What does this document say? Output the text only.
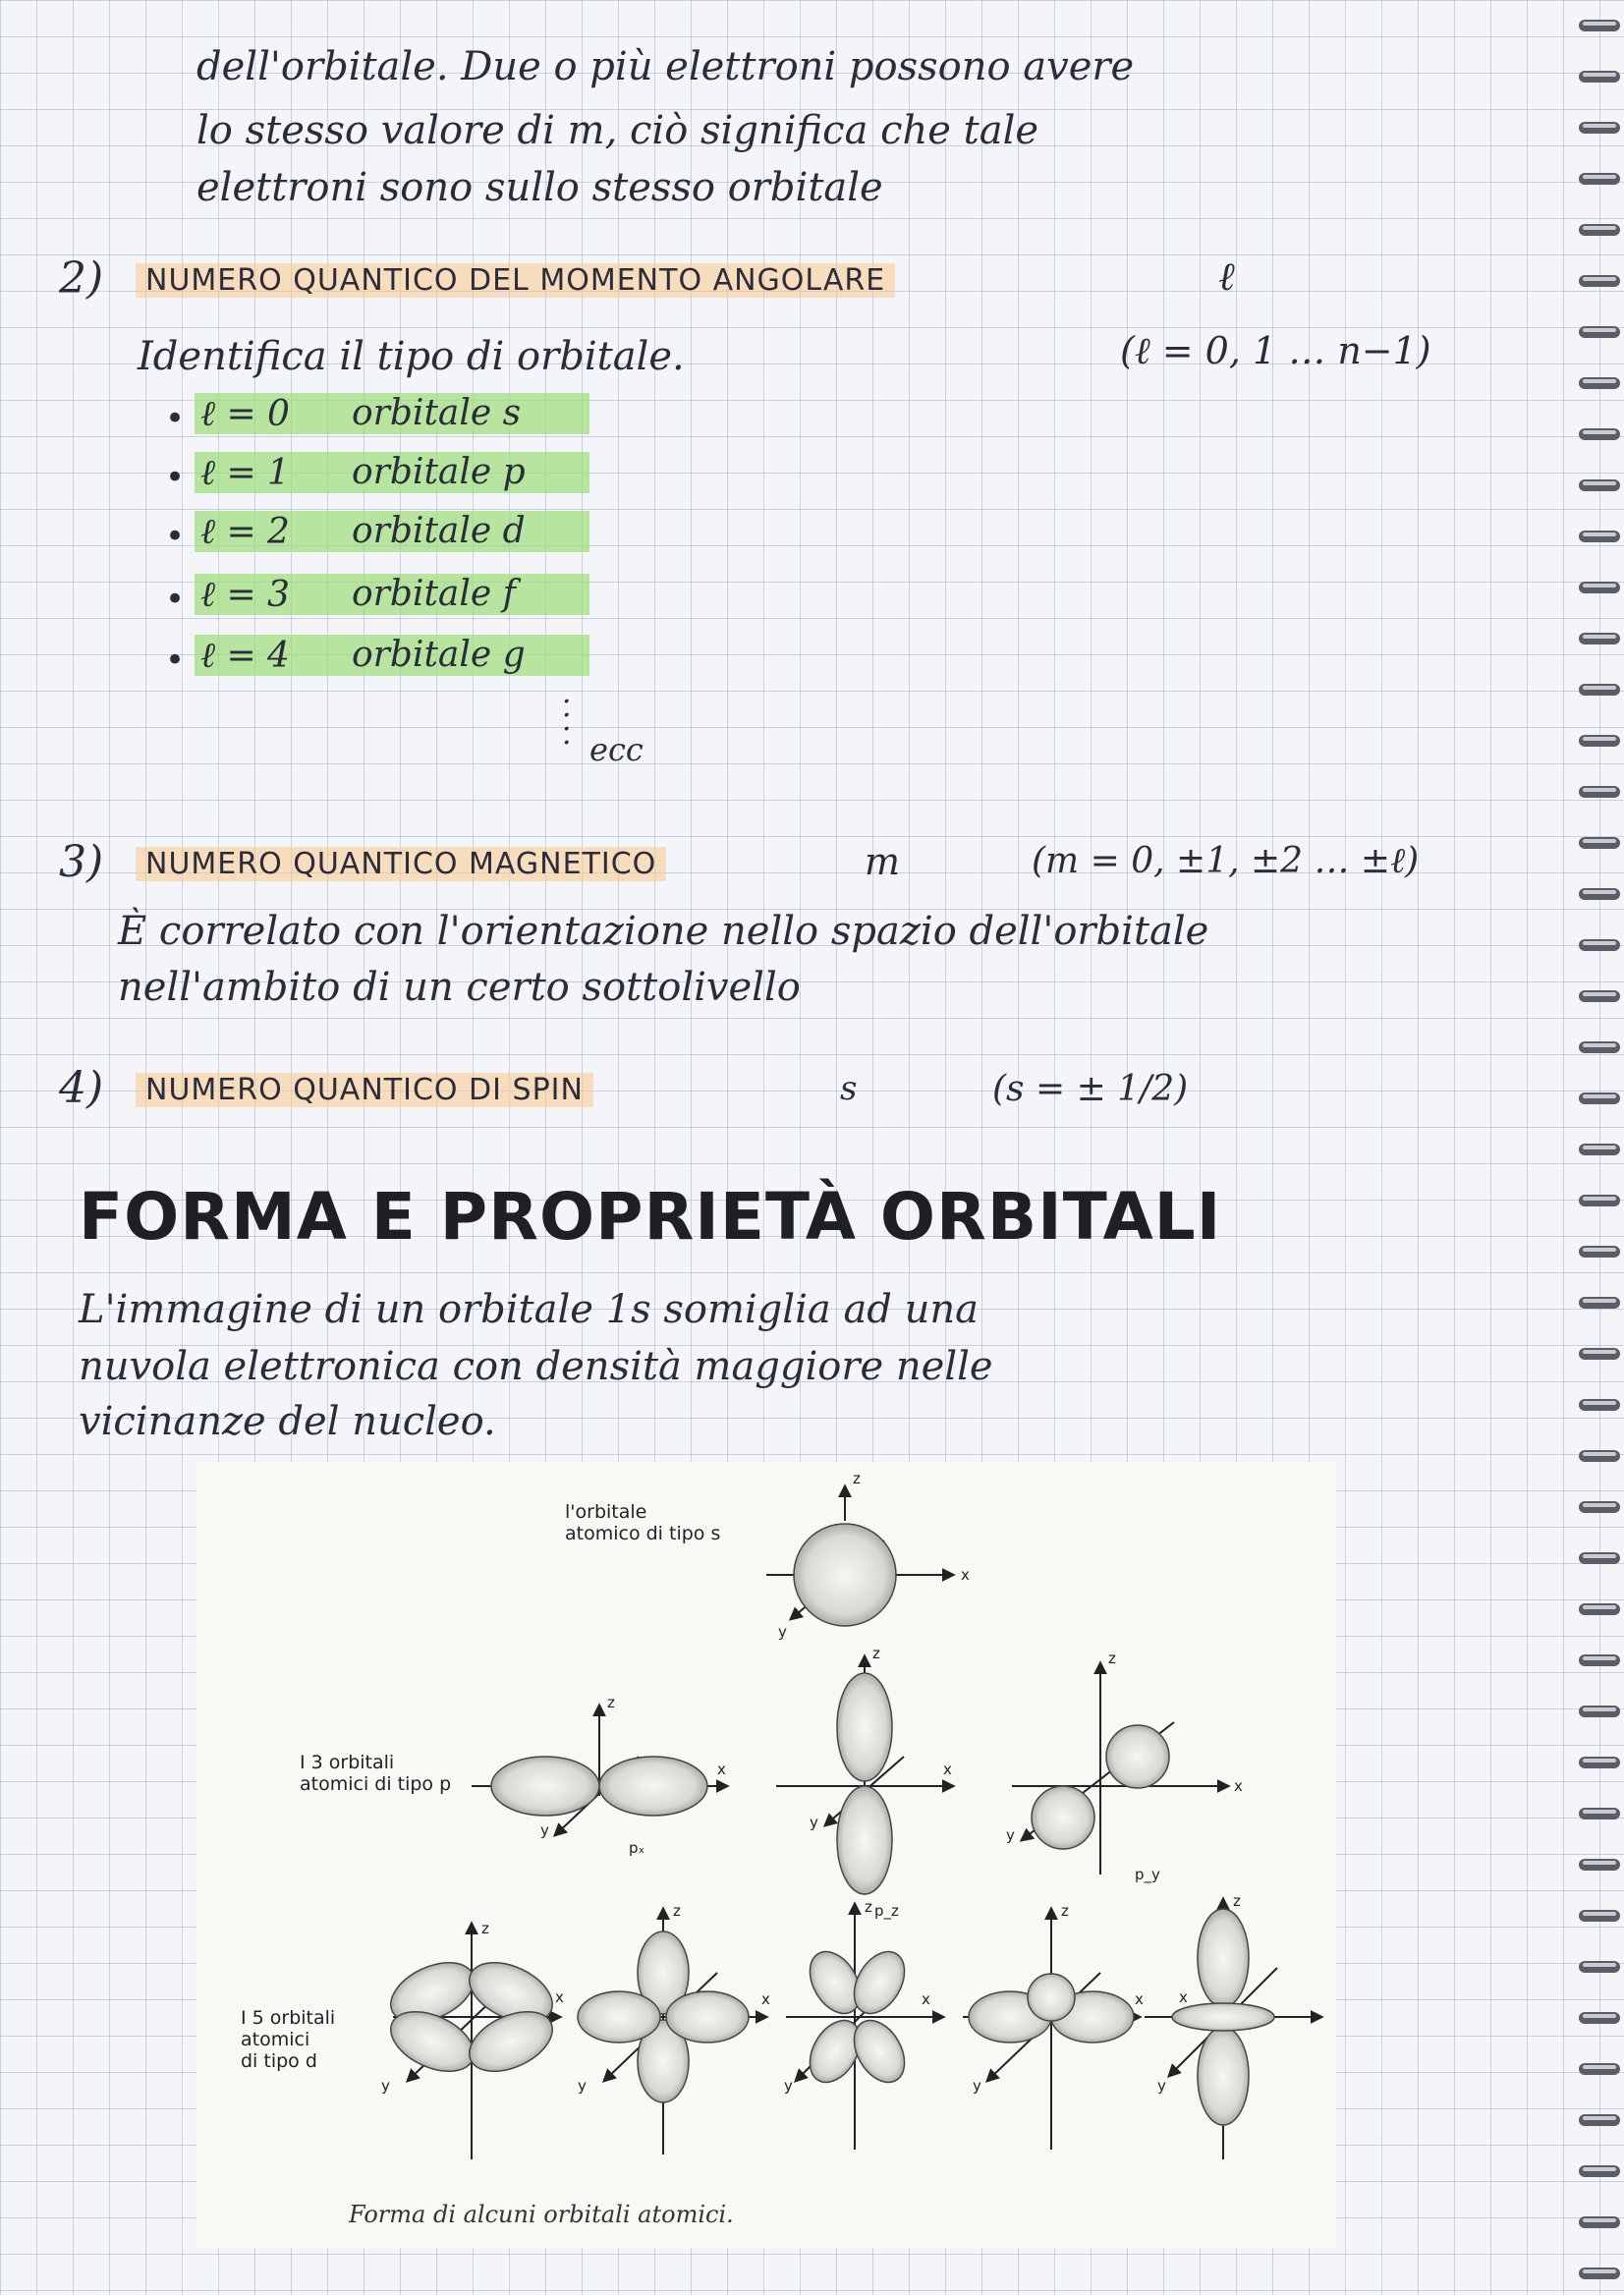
dell'orbitale. Due o più elettroni possono avere
lo stesso valore di m, ciò significa che tale
elettroni sono sullo stesso orbitale
2)	NUMERO QUANTICO DEL MOMENTO ANGOLARE	ℓ
Identifica il tipo di orbitale.	(ℓ = 0, 1 … n−1)
• ℓ = 0 orbitale s
• ℓ = 1 orbitale p
• ℓ = 2 orbitale d
• ℓ = 3 orbitale f
• ℓ = 4 orbitale g
·
·
·
· ecc
3)	NUMERO QUANTICO MAGNETICO	m	(m = 0, ±1, ±2 … ±ℓ)
È correlato con l'orientazione nello spazio dell'orbitale
nell'ambito di un certo sottolivello
4)	NUMERO QUANTICO DI SPIN	s	(s = ± 1/2)
FORMA E PROPRIETÀ ORBITALI
L'immagine di un orbitale 1s somiglia ad una
nuvola elettronica con densità maggiore nelle
vicinanze del nucleo.
z
x
y
z
x
y
pₓ
z
x
y
p_z
z
x
y
p_y
z
x
y
z
x
y
z
x
y
z
x
y
z
x
y
l'orbitale
atomico di tipo s
I 3 orbitali
atomici di tipo p
I 5 orbitali
atomici
di tipo d
Forma di alcuni orbitali atomici.
